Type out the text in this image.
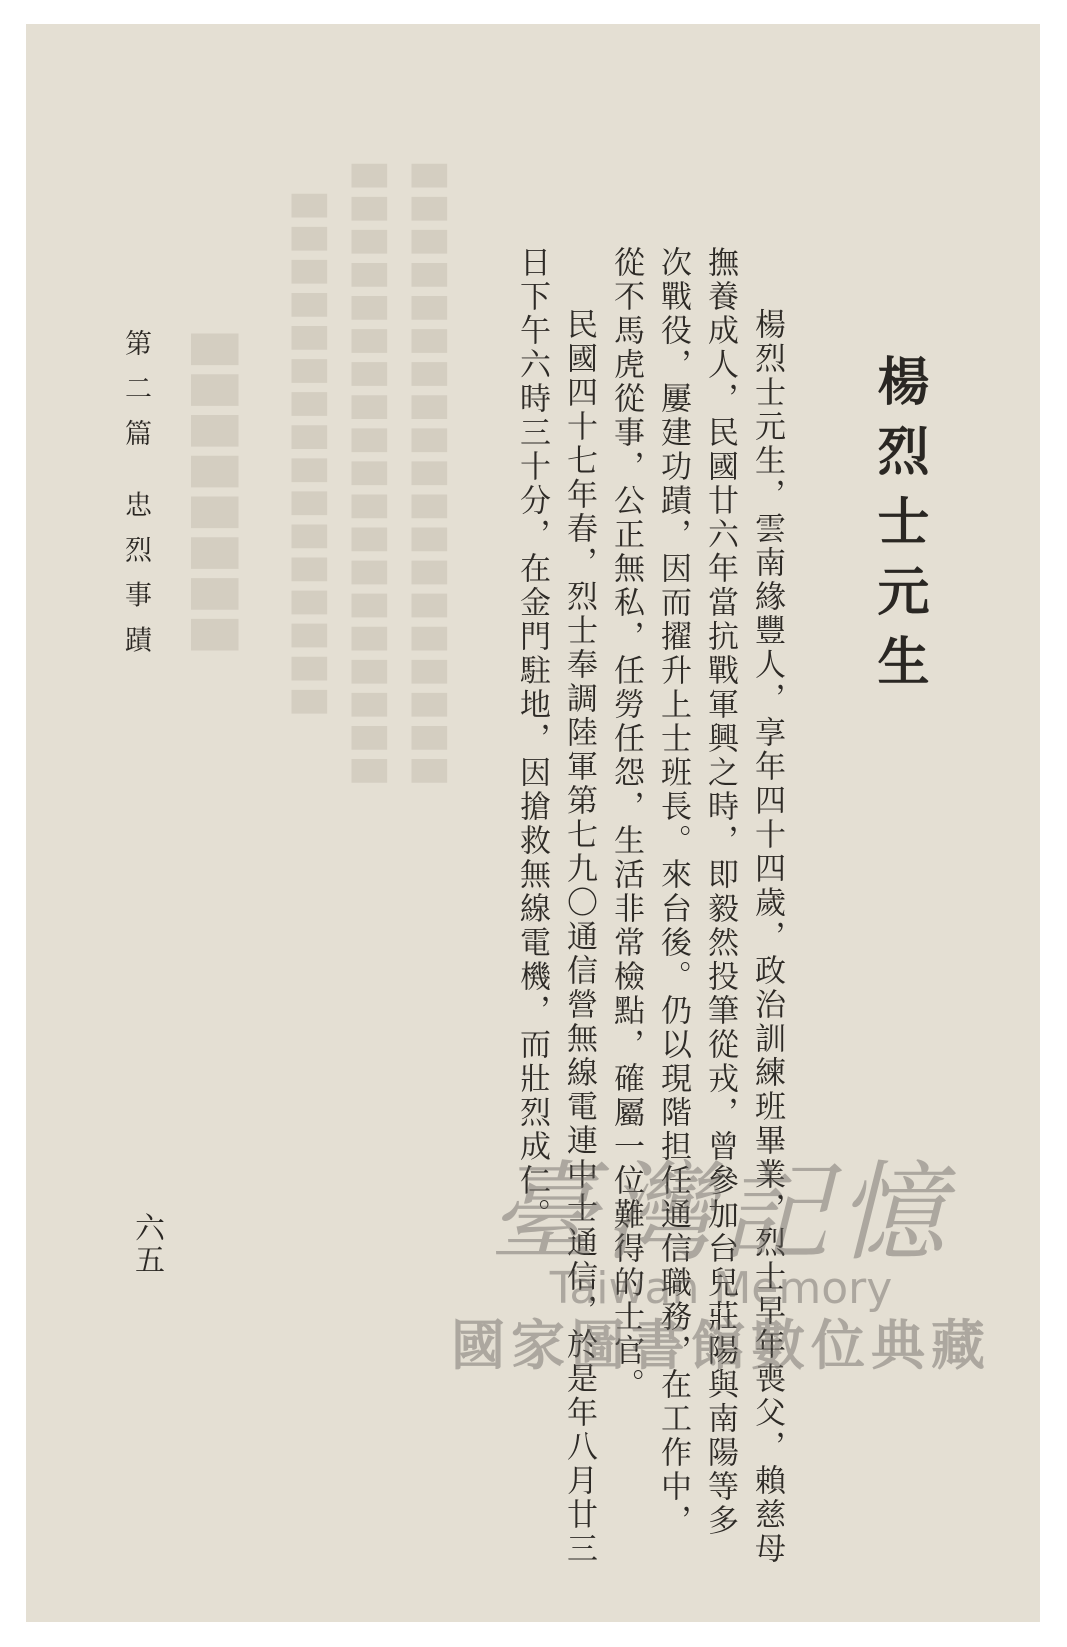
████████ ████████████████ ███████████████████ ███████████████████	楊烈士元生

楊烈士元生，雲南緣豐人，享年四十四歲，政治訓練班畢業，烈士早年喪父，賴慈母撫養成人，民國廿六年當抗戰軍興之時，即毅然投筆從戎，曾參加台兒莊陽與南陽等多次戰役，屢建功蹟，因而擢升上士班長。來台後。仍以現階担任通信職務，在工作中，從不馬虎從事，公正無私，任勞任怨，生活非常檢點，確屬一位難得的士官。

民國四十七年春，烈士奉調陸軍第七九〇通信營無線電連中士通信，於是年八月廿三日下午六時三十分，在金門駐地，因搶救無線電機，而壯烈成仁。

第二篇 忠烈事蹟
六五	臺灣記憶
Taiwan Memory
國家圖書館數位典藏
